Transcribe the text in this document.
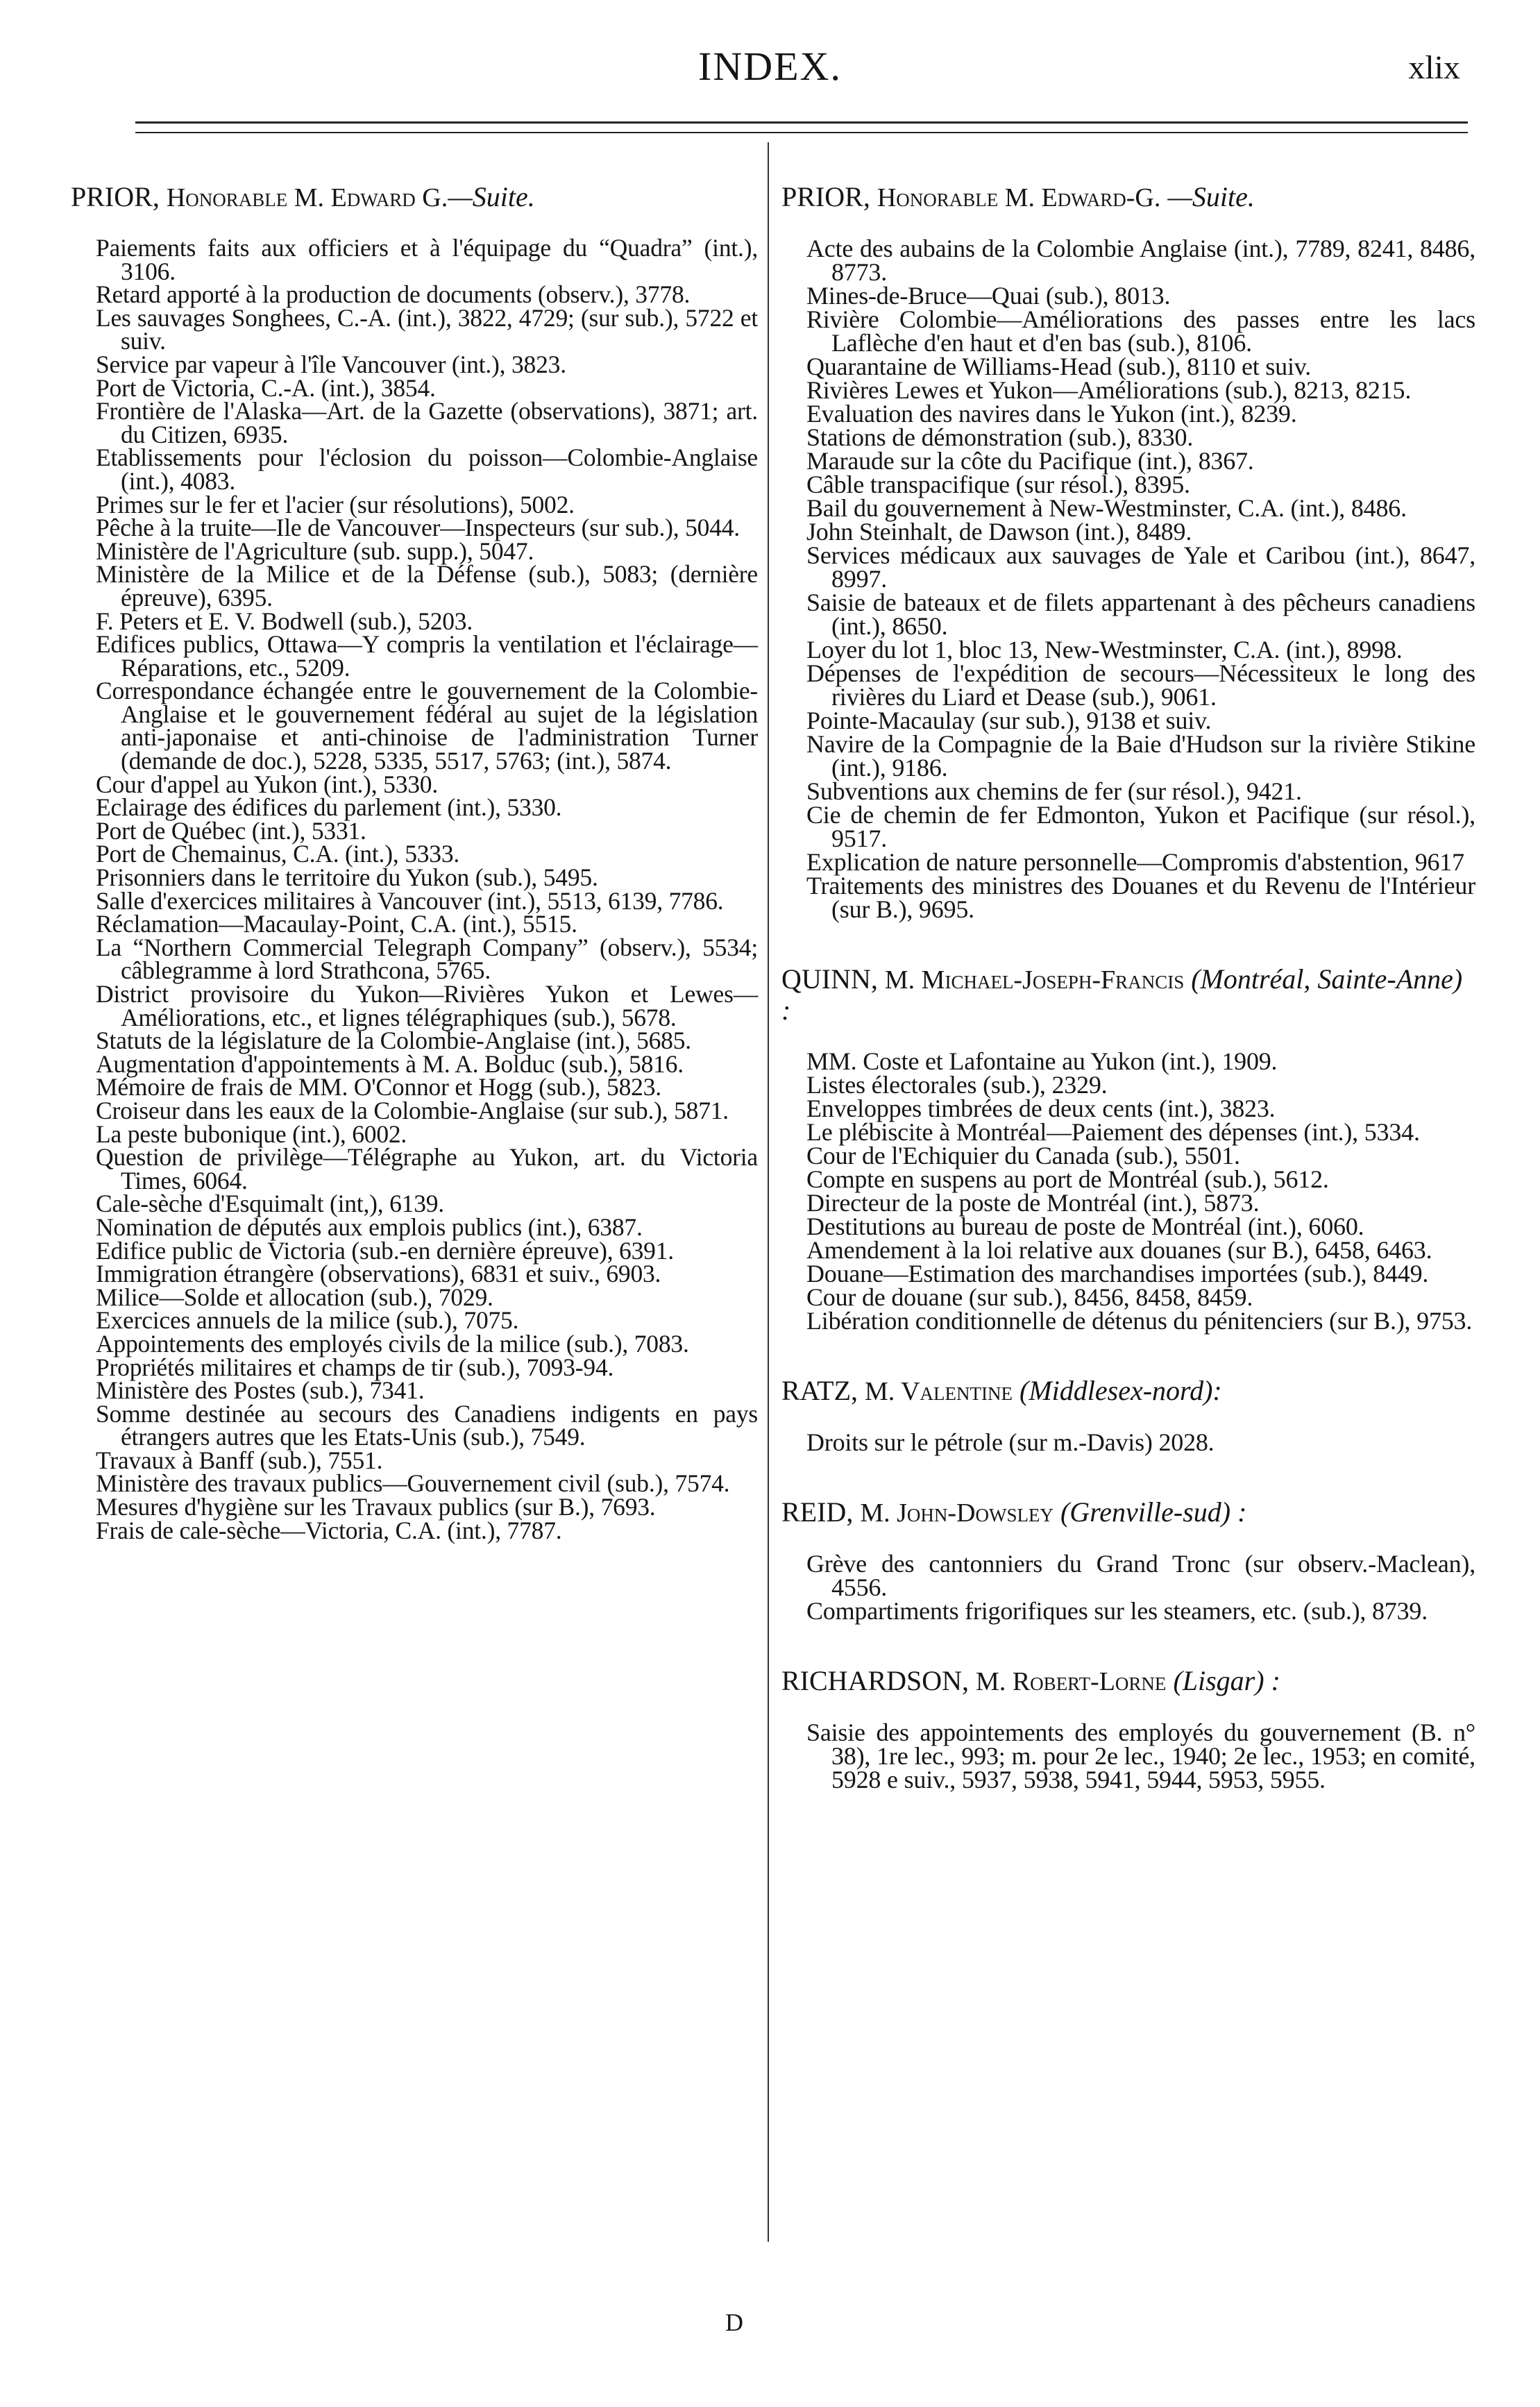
INDEX.	xlix
PRIOR, Honorable M. Edward G.—Suite.
Paiements faits aux officiers et à l'équipage du “Quadra” (int.), 3106.
Retard apporté à la production de documents (observ.), 3778.
Les sauvages Songhees, C.-A. (int.), 3822, 4729; (sur sub.), 5722 et suiv.
Service par vapeur à l'île Vancouver (int.), 3823.
Port de Victoria, C.-A. (int.), 3854.
Frontière de l'Alaska—Art. de la Gazette (observations), 3871; art. du Citizen, 6935.
Etablissements pour l'éclosion du poisson—Colombie-Anglaise (int.), 4083.
Primes sur le fer et l'acier (sur résolutions), 5002.
Pêche à la truite—Ile de Vancouver—Inspecteurs (sur sub.), 5044.
Ministère de l'Agriculture (sub. supp.), 5047.
Ministère de la Milice et de la Défense (sub.), 5083; (dernière épreuve), 6395.
F. Peters et E. V. Bodwell (sub.), 5203.
Edifices publics, Ottawa—Y compris la ventilation et l'éclairage—Réparations, etc., 5209.
Correspondance échangée entre le gouvernement de la Colombie-Anglaise et le gouvernement fédéral au sujet de la législation anti-japonaise et anti-chinoise de l'administration Turner (demande de doc.), 5228, 5335, 5517, 5763; (int.), 5874.
Cour d'appel au Yukon (int.), 5330.
Eclairage des édifices du parlement (int.), 5330.
Port de Québec (int.), 5331.
Port de Chemainus, C.A. (int.), 5333.
Prisonniers dans le territoire du Yukon (sub.), 5495.
Salle d'exercices militaires à Vancouver (int.), 5513, 6139, 7786.
Réclamation—Macaulay-Point, C.A. (int.), 5515.
La “Northern Commercial Telegraph Company” (observ.), 5534; câblegramme à lord Strathcona, 5765.
District provisoire du Yukon—Rivières Yukon et Lewes—Améliorations, etc., et lignes télégraphiques (sub.), 5678.
Statuts de la législature de la Colombie-Anglaise (int.), 5685.
Augmentation d'appointements à M. A. Bolduc (sub.), 5816.
Mémoire de frais de MM. O'Connor et Hogg (sub.), 5823.
Croiseur dans les eaux de la Colombie-Anglaise (sur sub.), 5871.
La peste bubonique (int.), 6002.
Question de privilège—Télégraphe au Yukon, art. du Victoria Times, 6064.
Cale-sèche d'Esquimalt (int,), 6139.
Nomination de députés aux emplois publics (int.), 6387.
Edifice public de Victoria (sub.-en dernière épreuve), 6391.
Immigration étrangère (observations), 6831 et suiv., 6903.
Milice—Solde et allocation (sub.), 7029.
Exercices annuels de la milice (sub.), 7075.
Appointements des employés civils de la milice (sub.), 7083.
Propriétés militaires et champs de tir (sub.), 7093-94.
Ministère des Postes (sub.), 7341.
Somme destinée au secours des Canadiens indigents en pays étrangers autres que les Etats-Unis (sub.), 7549.
Travaux à Banff (sub.), 7551.
Ministère des travaux publics—Gouvernement civil (sub.), 7574.
Mesures d'hygiène sur les Travaux publics (sur B.), 7693.
Frais de cale-sèche—Victoria, C.A. (int.), 7787.
PRIOR, Honorable M. Edward-G. —Suite.
Acte des aubains de la Colombie Anglaise (int.), 7789, 8241, 8486, 8773.
Mines-de-Bruce—Quai (sub.), 8013.
Rivière Colombie—Améliorations des passes entre les lacs Laflèche d'en haut et d'en bas (sub.), 8106.
Quarantaine de Williams-Head (sub.), 8110 et suiv.
Rivières Lewes et Yukon—Améliorations (sub.), 8213, 8215.
Evaluation des navires dans le Yukon (int.), 8239.
Stations de démonstration (sub.), 8330.
Maraude sur la côte du Pacifique (int.), 8367.
Câble transpacifique (sur résol.), 8395.
Bail du gouvernement à New-Westminster, C.A. (int.), 8486.
John Steinhalt, de Dawson (int.), 8489.
Services médicaux aux sauvages de Yale et Caribou (int.), 8647, 8997.
Saisie de bateaux et de filets appartenant à des pêcheurs canadiens (int.), 8650.
Loyer du lot 1, bloc 13, New-Westminster, C.A. (int.), 8998.
Dépenses de l'expédition de secours—Nécessiteux le long des rivières du Liard et Dease (sub.), 9061.
Pointe-Macaulay (sur sub.), 9138 et suiv.
Navire de la Compagnie de la Baie d'Hudson sur la rivière Stikine (int.), 9186.
Subventions aux chemins de fer (sur résol.), 9421.
Cie de chemin de fer Edmonton, Yukon et Pacifique (sur résol.), 9517.
Explication de nature personnelle—Compromis d'abstention, 9617
Traitements des ministres des Douanes et du Revenu de l'Intérieur (sur B.), 9695.
QUINN, M. Michael-Joseph-Francis (Montréal, Sainte-Anne) :
MM. Coste et Lafontaine au Yukon (int.), 1909.
Listes électorales (sub.), 2329.
Enveloppes timbrées de deux cents (int.), 3823.
Le plébiscite à Montréal—Paiement des dépenses (int.), 5334.
Cour de l'Echiquier du Canada (sub.), 5501.
Compte en suspens au port de Montréal (sub.), 5612.
Directeur de la poste de Montréal (int.), 5873.
Destitutions au bureau de poste de Montréal (int.), 6060.
Amendement à la loi relative aux douanes (sur B.), 6458, 6463.
Douane—Estimation des marchandises importées (sub.), 8449.
Cour de douane (sur sub.), 8456, 8458, 8459.
Libération conditionnelle de détenus du pénitenciers (sur B.), 9753.
RATZ, M. Valentine (Middlesex-nord):
Droits sur le pétrole (sur m.-Davis) 2028.
REID, M. John-Dowsley (Grenville-sud) :
Grève des cantonniers du Grand Tronc (sur observ.-Maclean), 4556.
Compartiments frigorifiques sur les steamers, etc. (sub.), 8739.
RICHARDSON, M. Robert-Lorne (Lisgar) :
Saisie des appointements des employés du gouvernement (B. n° 38), 1re lec., 993; m. pour 2e lec., 1940; 2e lec., 1953; en comité, 5928 e suiv., 5937, 5938, 5941, 5944, 5953, 5955.
D
